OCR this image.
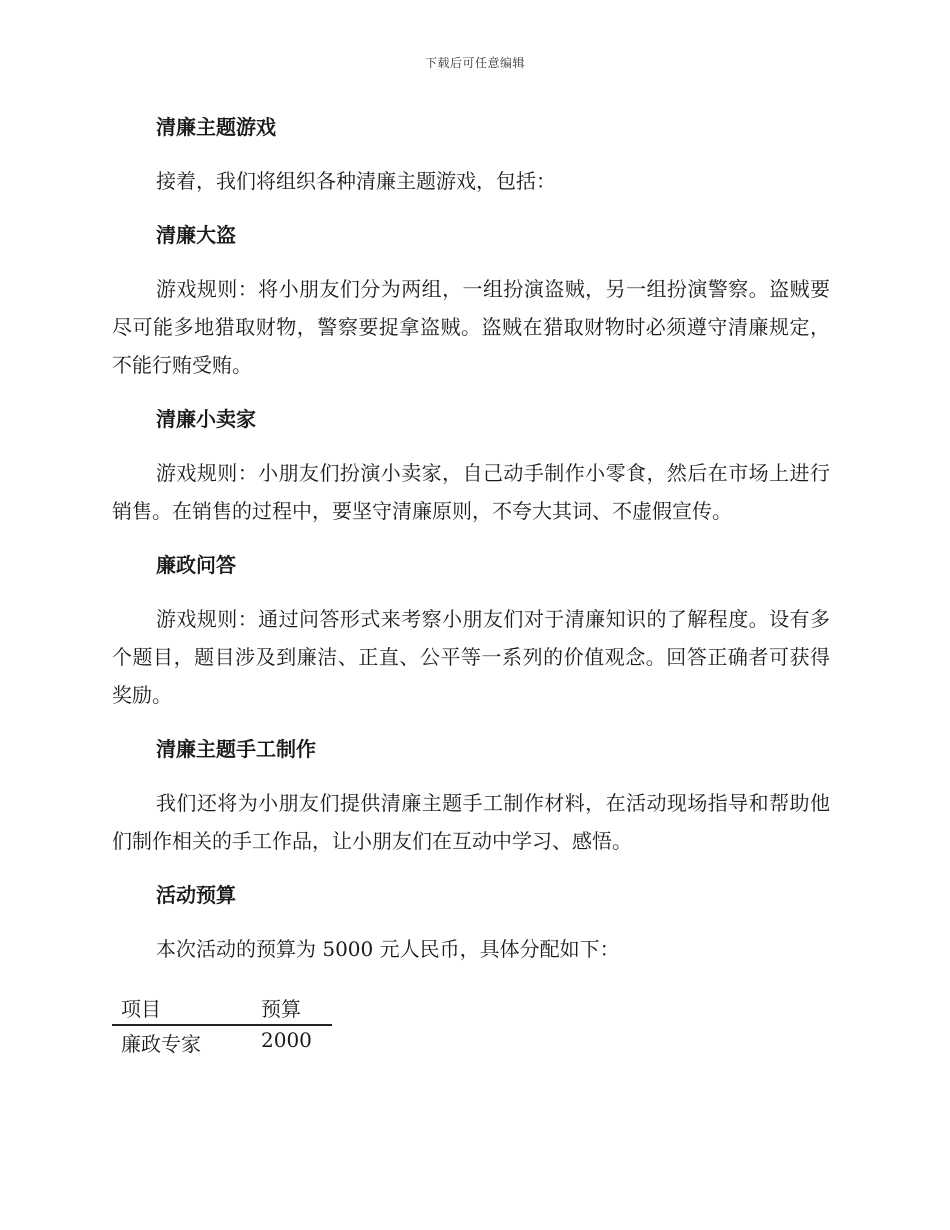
下载后可任意编辑
清廉主题游戏

接着，我们将组织各种清廉主题游戏，包括：

清廉大盗

游戏规则：将小朋友们分为两组，一组扮演盗贼，另一组扮演警察。盗贼要尽可能多地猎取财物，警察要捉拿盗贼。盗贼在猎取财物时必须遵守清廉规定，不能行贿受贿。

清廉小卖家

游戏规则：小朋友们扮演小卖家，自己动手制作小零食，然后在市场上进行销售。在销售的过程中，要坚守清廉原则，不夸大其词、不虚假宣传。

廉政问答

游戏规则：通过问答形式来考察小朋友们对于清廉知识的了解程度。设有多个题目，题目涉及到廉洁、正直、公平等一系列的价值观念。回答正确者可获得奖励。

清廉主题手工制作

我们还将为小朋友们提供清廉主题手工制作材料，在活动现场指导和帮助他们制作相关的手工作品，让小朋友们在互动中学习、感悟。

活动预算

本次活动的预算为 5000 元人民币，具体分配如下：

项目	预算
廉政专家	2000
